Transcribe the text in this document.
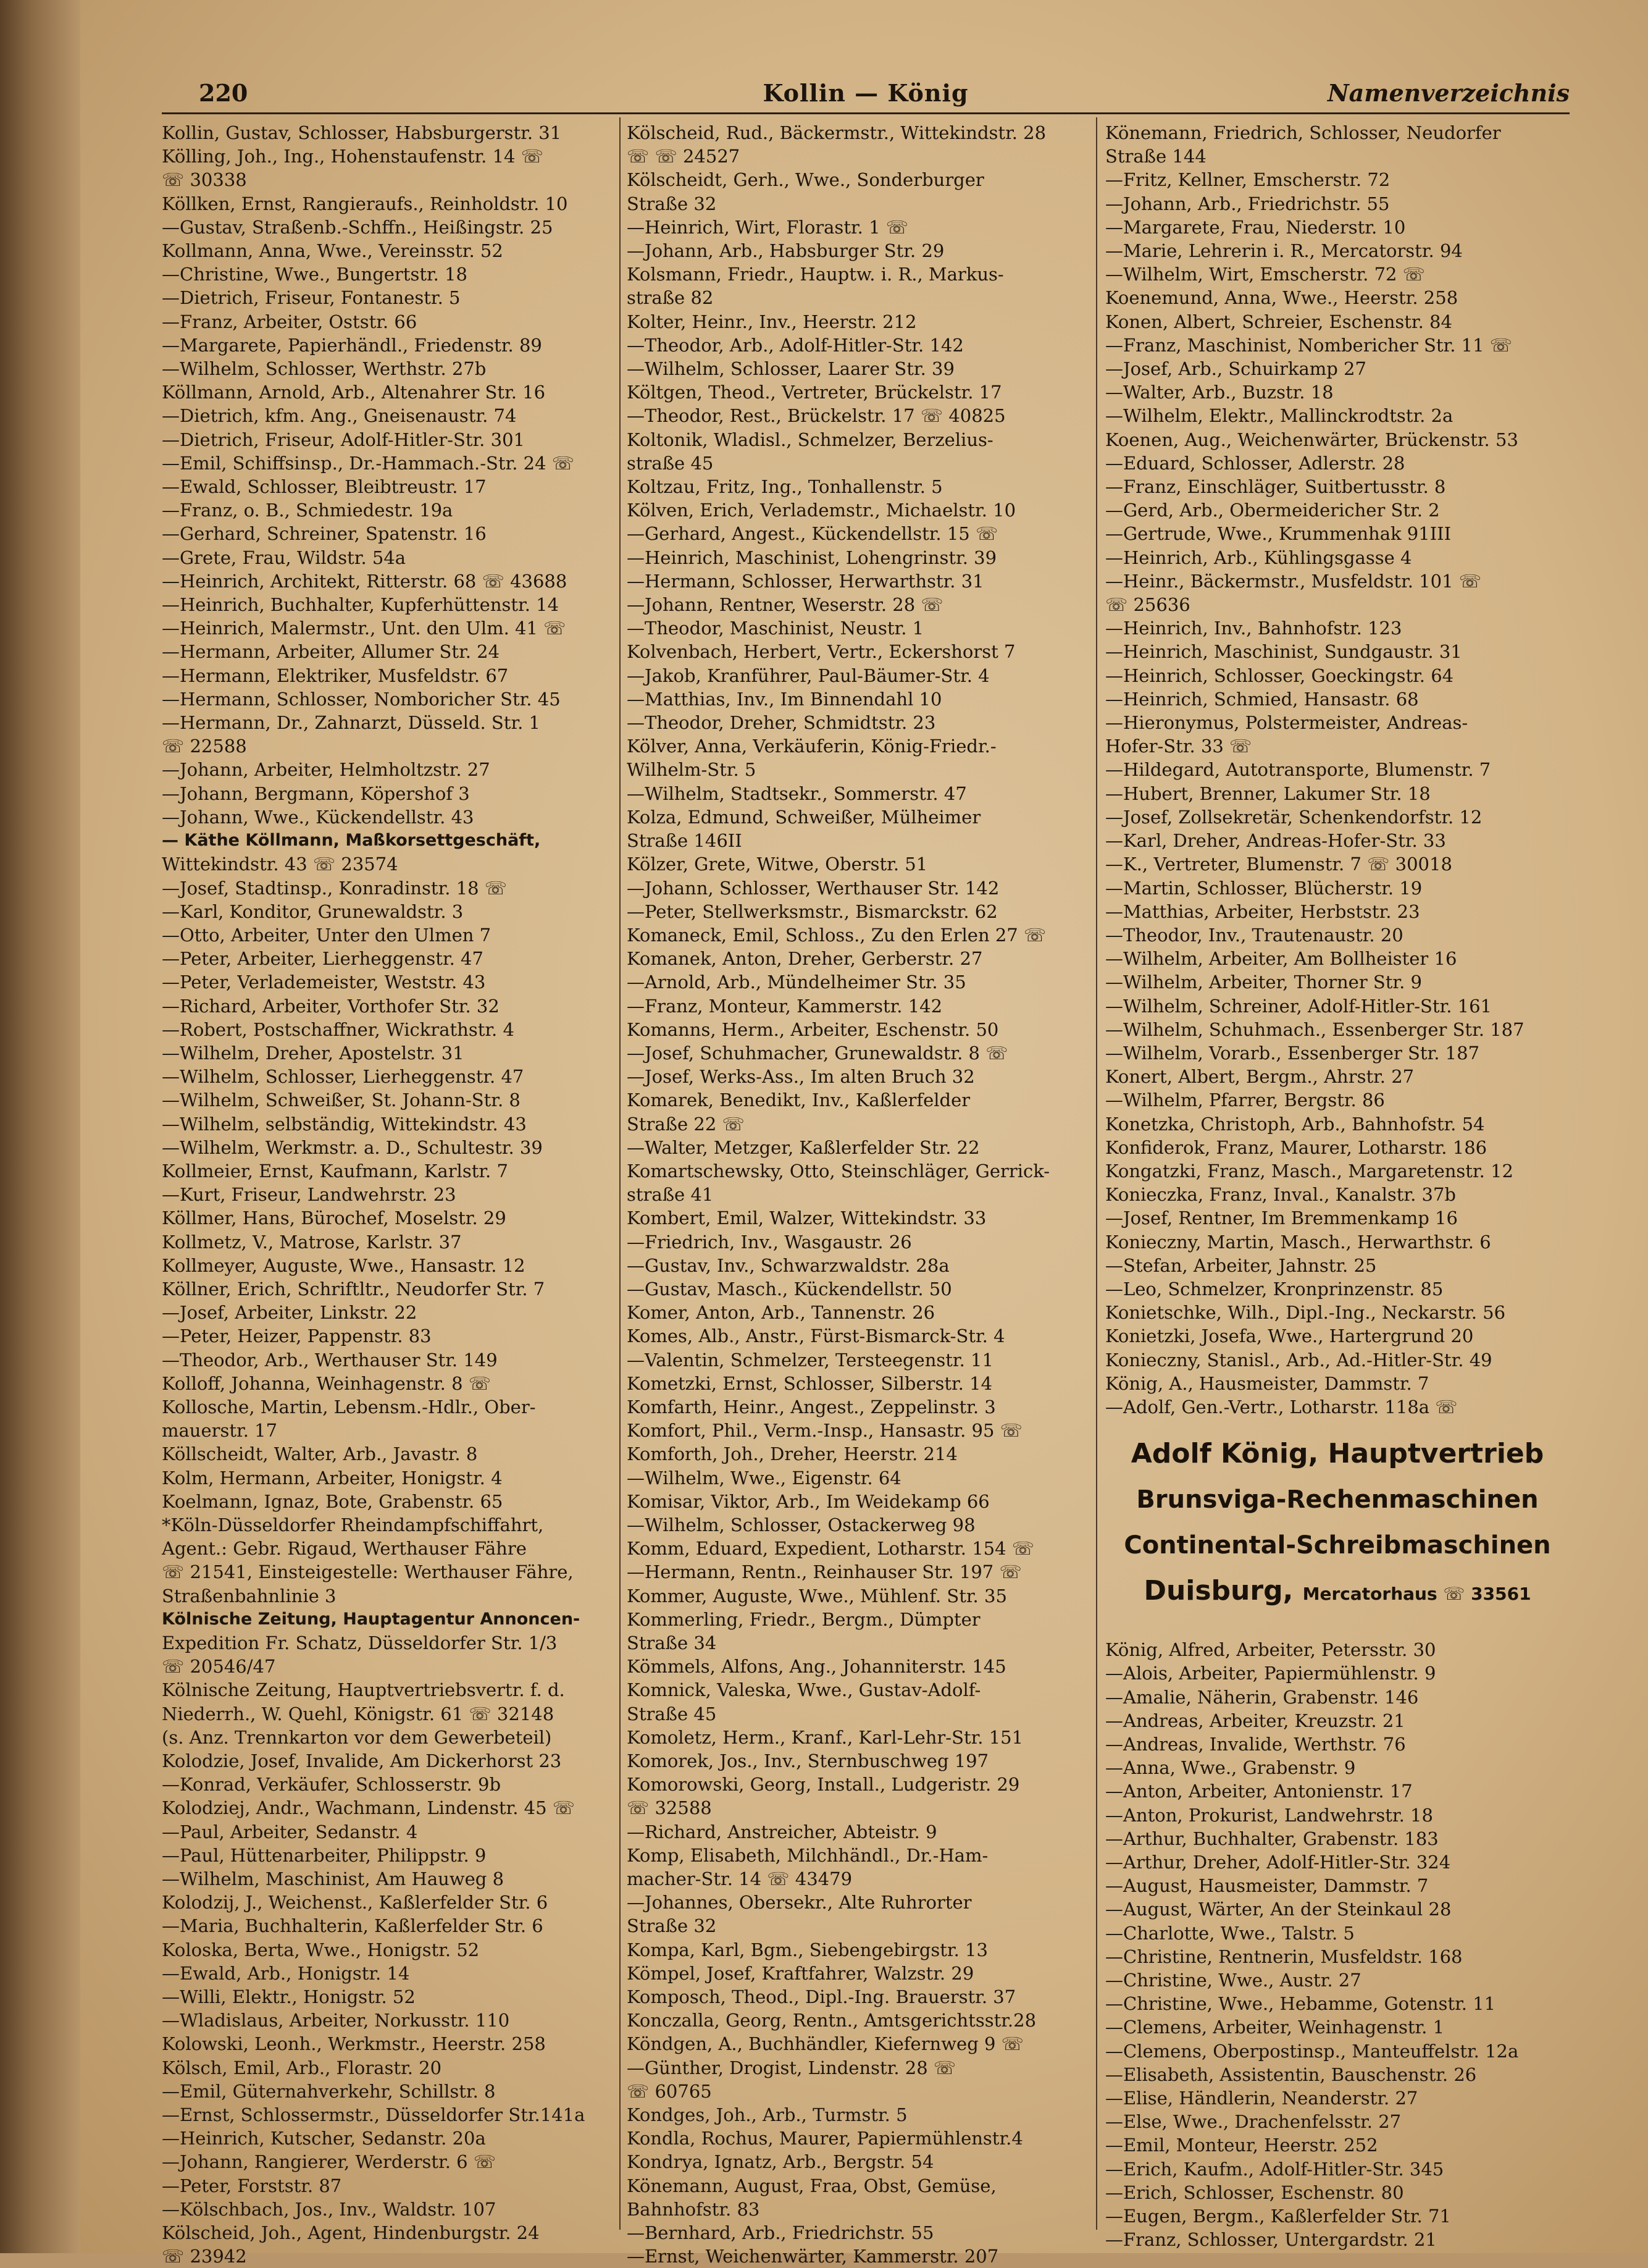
Kollin — König
220	Namenverzeichnis
Kollin, Gustav, Schlosser, Habsburgerstr. 31
Kölling, Joh., Ing., Hohenstaufenstr. 14 ☏
☏ 30338
Köllken, Ernst, Rangieraufs., Reinholdstr. 10
—Gustav, Straßenb.-Schffn., Heißingstr. 25
Kollmann, Anna, Wwe., Vereinsstr. 52
—Christine, Wwe., Bungertstr. 18
—Dietrich, Friseur, Fontanestr. 5
—Franz, Arbeiter, Oststr. 66
—Margarete, Papierhändl., Friedenstr. 89
—Wilhelm, Schlosser, Werthstr. 27b
Köllmann, Arnold, Arb., Altenahrer Str. 16
—Dietrich, kfm. Ang., Gneisenaustr. 74
—Dietrich, Friseur, Adolf-Hitler-Str. 301
—Emil, Schiffsinsp., Dr.-Hammach.-Str. 24 ☏
—Ewald, Schlosser, Bleibtreustr. 17
—Franz, o. B., Schmiedestr. 19a
—Gerhard, Schreiner, Spatenstr. 16
—Grete, Frau, Wildstr. 54a
—Heinrich, Architekt, Ritterstr. 68 ☏ 43688
—Heinrich, Buchhalter, Kupferhüttenstr. 14
—Heinrich, Malermstr., Unt. den Ulm. 41 ☏
—Hermann, Arbeiter, Allumer Str. 24
—Hermann, Elektriker, Musfeldstr. 67
—Hermann, Schlosser, Nomboricher Str. 45
—Hermann, Dr., Zahnarzt, Düsseld. Str. 1
☏ 22588
—Johann, Arbeiter, Helmholtzstr. 27
—Johann, Bergmann, Köpershof 3
—Johann, Wwe., Kückendellstr. 43
— Käthe Köllmann, Maßkorsettgeschäft,
Wittekindstr. 43 ☏ 23574
—Josef, Stadtinsp., Konradinstr. 18 ☏
—Karl, Konditor, Grunewaldstr. 3
—Otto, Arbeiter, Unter den Ulmen 7
—Peter, Arbeiter, Lierheggenstr. 47
—Peter, Verlademeister, Weststr. 43
—Richard, Arbeiter, Vorthofer Str. 32
—Robert, Postschaffner, Wickrathstr. 4
—Wilhelm, Dreher, Apostelstr. 31
—Wilhelm, Schlosser, Lierheggenstr. 47
—Wilhelm, Schweißer, St. Johann-Str. 8
—Wilhelm, selbständig, Wittekindstr. 43
—Wilhelm, Werkmstr. a. D., Schultestr. 39
Kollmeier, Ernst, Kaufmann, Karlstr. 7
—Kurt, Friseur, Landwehrstr. 23
Köllmer, Hans, Bürochef, Moselstr. 29
Kollmetz, V., Matrose, Karlstr. 37
Kollmeyer, Auguste, Wwe., Hansastr. 12
Köllner, Erich, Schriftltr., Neudorfer Str. 7
—Josef, Arbeiter, Linkstr. 22
—Peter, Heizer, Pappenstr. 83
—Theodor, Arb., Werthauser Str. 149
Kolloff, Johanna, Weinhagenstr. 8 ☏
Kollosche, Martin, Lebensm.-Hdlr., Ober-
mauerstr. 17
Köllscheidt, Walter, Arb., Javastr. 8
Kolm, Hermann, Arbeiter, Honigstr. 4
Koelmann, Ignaz, Bote, Grabenstr. 65
*Köln-Düsseldorfer Rheindampfschiffahrt,
Agent.: Gebr. Rigaud, Werthauser Fähre
☏ 21541, Einsteigestelle: Werthauser Fähre,
Straßenbahnlinie 3
Kölnische Zeitung, Hauptagentur Annoncen-
Expedition Fr. Schatz, Düsseldorfer Str. 1/3
☏ 20546/47
Kölnische Zeitung, Hauptvertriebsvertr. f. d.
Niederrh., W. Quehl, Königstr. 61 ☏ 32148
(s. Anz. Trennkarton vor dem Gewerbeteil)
Kolodzie, Josef, Invalide, Am Dickerhorst 23
—Konrad, Verkäufer, Schlosserstr. 9b
Kolodziej, Andr., Wachmann, Lindenstr. 45 ☏
—Paul, Arbeiter, Sedanstr. 4
—Paul, Hüttenarbeiter, Philippstr. 9
—Wilhelm, Maschinist, Am Hauweg 8
Kolodzij, J., Weichenst., Kaßlerfelder Str. 6
—Maria, Buchhalterin, Kaßlerfelder Str. 6
Koloska, Berta, Wwe., Honigstr. 52
—Ewald, Arb., Honigstr. 14
—Willi, Elektr., Honigstr. 52
—Wladislaus, Arbeiter, Norkusstr. 110
Kolowski, Leonh., Werkmstr., Heerstr. 258
Kölsch, Emil, Arb., Florastr. 20
—Emil, Güternahverkehr, Schillstr. 8
—Ernst, Schlossermstr., Düsseldorfer Str.141a
—Heinrich, Kutscher, Sedanstr. 20a
—Johann, Rangierer, Werderstr. 6 ☏
—Peter, Forststr. 87
—Kölschbach, Jos., Inv., Waldstr. 107
Kölscheid, Joh., Agent, Hindenburgstr. 24
☏ 23942
Kölscheid, Rud., Bäckermstr., Wittekindstr. 28
☏ ☏ 24527
Kölscheidt, Gerh., Wwe., Sonderburger
Straße 32
—Heinrich, Wirt, Florastr. 1 ☏
—Johann, Arb., Habsburger Str. 29
Kolsmann, Friedr., Hauptw. i. R., Markus-
straße 82
Kolter, Heinr., Inv., Heerstr. 212
—Theodor, Arb., Adolf-Hitler-Str. 142
—Wilhelm, Schlosser, Laarer Str. 39
Költgen, Theod., Vertreter, Brückelstr. 17
—Theodor, Rest., Brückelstr. 17 ☏ 40825
Koltonik, Wladisl., Schmelzer, Berzelius-
straße 45
Koltzau, Fritz, Ing., Tonhallenstr. 5
Kölven, Erich, Verlademstr., Michaelstr. 10
—Gerhard, Angest., Kückendellstr. 15 ☏
—Heinrich, Maschinist, Lohengrinstr. 39
—Hermann, Schlosser, Herwarthstr. 31
—Johann, Rentner, Weserstr. 28 ☏
—Theodor, Maschinist, Neustr. 1
Kolvenbach, Herbert, Vertr., Eckershorst 7
—Jakob, Kranführer, Paul-Bäumer-Str. 4
—Matthias, Inv., Im Binnendahl 10
—Theodor, Dreher, Schmidtstr. 23
Kölver, Anna, Verkäuferin, König-Friedr.-
Wilhelm-Str. 5
—Wilhelm, Stadtsekr., Sommerstr. 47
Kolza, Edmund, Schweißer, Mülheimer
Straße 146II
Kölzer, Grete, Witwe, Oberstr. 51
—Johann, Schlosser, Werthauser Str. 142
—Peter, Stellwerksmstr., Bismarckstr. 62
Komaneck, Emil, Schloss., Zu den Erlen 27 ☏
Komanek, Anton, Dreher, Gerberstr. 27
—Arnold, Arb., Mündelheimer Str. 35
—Franz, Monteur, Kammerstr. 142
Komanns, Herm., Arbeiter, Eschenstr. 50
—Josef, Schuhmacher, Grunewaldstr. 8 ☏
—Josef, Werks-Ass., Im alten Bruch 32
Komarek, Benedikt, Inv., Kaßlerfelder
Straße 22 ☏
—Walter, Metzger, Kaßlerfelder Str. 22
Komartschewsky, Otto, Steinschläger, Gerrick-
straße 41
Kombert, Emil, Walzer, Wittekindstr. 33
—Friedrich, Inv., Wasgaustr. 26
—Gustav, Inv., Schwarzwaldstr. 28a
—Gustav, Masch., Kückendellstr. 50
Komer, Anton, Arb., Tannenstr. 26
Komes, Alb., Anstr., Fürst-Bismarck-Str. 4
—Valentin, Schmelzer, Tersteegenstr. 11
Kometzki, Ernst, Schlosser, Silberstr. 14
Komfarth, Heinr., Angest., Zeppelinstr. 3
Komfort, Phil., Verm.-Insp., Hansastr. 95 ☏
Komforth, Joh., Dreher, Heerstr. 214
—Wilhelm, Wwe., Eigenstr. 64
Komisar, Viktor, Arb., Im Weidekamp 66
—Wilhelm, Schlosser, Ostackerweg 98
Komm, Eduard, Expedient, Lotharstr. 154 ☏
—Hermann, Rentn., Reinhauser Str. 197 ☏
Kommer, Auguste, Wwe., Mühlenf. Str. 35
Kommerling, Friedr., Bergm., Dümpter
Straße 34
Kömmels, Alfons, Ang., Johanniterstr. 145
Komnick, Valeska, Wwe., Gustav-Adolf-
Straße 45
Komoletz, Herm., Kranf., Karl-Lehr-Str. 151
Komorek, Jos., Inv., Sternbuschweg 197
Komorowski, Georg, Install., Ludgeristr. 29
☏ 32588
—Richard, Anstreicher, Abteistr. 9
Komp, Elisabeth, Milchhändl., Dr.-Ham-
macher-Str. 14 ☏ 43479
—Johannes, Obersekr., Alte Ruhrorter
Straße 32
Kompa, Karl, Bgm., Siebengebirgstr. 13
Kömpel, Josef, Kraftfahrer, Walzstr. 29
Komposch, Theod., Dipl.-Ing. Brauerstr. 37
Konczalla, Georg, Rentn., Amtsgerichtsstr.28
Köndgen, A., Buchhändler, Kiefernweg 9 ☏
—Günther, Drogist, Lindenstr. 28 ☏
☏ 60765
Kondges, Joh., Arb., Turmstr. 5
Kondla, Rochus, Maurer, Papiermühlenstr.4
Kondrya, Ignatz, Arb., Bergstr. 54
Könemann, August, Fraa, Obst, Gemüse,
Bahnhofstr. 83
—Bernhard, Arb., Friedrichstr. 55
—Ernst, Weichenwärter, Kammerstr. 207
Könemann, Friedrich, Schlosser, Neudorfer
Straße 144
—Fritz, Kellner, Emscherstr. 72
—Johann, Arb., Friedrichstr. 55
—Margarete, Frau, Niederstr. 10
—Marie, Lehrerin i. R., Mercatorstr. 94
—Wilhelm, Wirt, Emscherstr. 72 ☏
Koenemund, Anna, Wwe., Heerstr. 258
Konen, Albert, Schreier, Eschenstr. 84
—Franz, Maschinist, Nombericher Str. 11 ☏
—Josef, Arb., Schuirkamp 27
—Walter, Arb., Buzstr. 18
—Wilhelm, Elektr., Mallinckrodtstr. 2a
Koenen, Aug., Weichenwärter, Brückenstr. 53
—Eduard, Schlosser, Adlerstr. 28
—Franz, Einschläger, Suitbertusstr. 8
—Gerd, Arb., Obermeidericher Str. 2
—Gertrude, Wwe., Krummenhak 91III
—Heinrich, Arb., Kühlingsgasse 4
—Heinr., Bäckermstr., Musfeldstr. 101 ☏
☏ 25636
—Heinrich, Inv., Bahnhofstr. 123
—Heinrich, Maschinist, Sundgaustr. 31
—Heinrich, Schlosser, Goeckingstr. 64
—Heinrich, Schmied, Hansastr. 68
—Hieronymus, Polstermeister, Andreas-
Hofer-Str. 33 ☏
—Hildegard, Autotransporte, Blumenstr. 7
—Hubert, Brenner, Lakumer Str. 18
—Josef, Zollsekretär, Schenkendorfstr. 12
—Karl, Dreher, Andreas-Hofer-Str. 33
—K., Vertreter, Blumenstr. 7 ☏ 30018
—Martin, Schlosser, Blücherstr. 19
—Matthias, Arbeiter, Herbststr. 23
—Theodor, Inv., Trautenaustr. 20
—Wilhelm, Arbeiter, Am Bollheister 16
—Wilhelm, Arbeiter, Thorner Str. 9
—Wilhelm, Schreiner, Adolf-Hitler-Str. 161
—Wilhelm, Schuhmach., Essenberger Str. 187
—Wilhelm, Vorarb., Essenberger Str. 187
Konert, Albert, Bergm., Ahrstr. 27
—Wilhelm, Pfarrer, Bergstr. 86
Konetzka, Christoph, Arb., Bahnhofstr. 54
Konfiderok, Franz, Maurer, Lotharstr. 186
Kongatzki, Franz, Masch., Margaretenstr. 12
Konieczka, Franz, Inval., Kanalstr. 37b
—Josef, Rentner, Im Bremmenkamp 16
Konieczny, Martin, Masch., Herwarthstr. 6
—Stefan, Arbeiter, Jahnstr. 25
—Leo, Schmelzer, Kronprinzenstr. 85
Konietschke, Wilh., Dipl.-Ing., Neckarstr. 56
Konietzki, Josefa, Wwe., Hartergrund 20
Konieczny, Stanisl., Arb., Ad.-Hitler-Str. 49
König, A., Hausmeister, Dammstr. 7
—Adolf, Gen.-Vertr., Lotharstr. 118a ☏
Adolf König, Hauptvertrieb
Brunsviga-Rechenmaschinen
Continental-Schreibmaschinen
Duisburg, Mercatorhaus ☏ 33561
König, Alfred, Arbeiter, Petersstr. 30
—Alois, Arbeiter, Papiermühlenstr. 9
—Amalie, Näherin, Grabenstr. 146
—Andreas, Arbeiter, Kreuzstr. 21
—Andreas, Invalide, Werthstr. 76
—Anna, Wwe., Grabenstr. 9
—Anton, Arbeiter, Antonienstr. 17
—Anton, Prokurist, Landwehrstr. 18
—Arthur, Buchhalter, Grabenstr. 183
—Arthur, Dreher, Adolf-Hitler-Str. 324
—August, Hausmeister, Dammstr. 7
—August, Wärter, An der Steinkaul 28
—Charlotte, Wwe., Talstr. 5
—Christine, Rentnerin, Musfeldstr. 168
—Christine, Wwe., Austr. 27
—Christine, Wwe., Hebamme, Gotenstr. 11
—Clemens, Arbeiter, Weinhagenstr. 1
—Clemens, Oberpostinsp., Manteuffelstr. 12a
—Elisabeth, Assistentin, Bauschenstr. 26
—Elise, Händlerin, Neanderstr. 27
—Else, Wwe., Drachenfelsstr. 27
—Emil, Monteur, Heerstr. 252
—Erich, Kaufm., Adolf-Hitler-Str. 345
—Erich, Schlosser, Eschenstr. 80
—Eugen, Bergm., Kaßlerfelder Str. 71
—Franz, Schlosser, Untergardstr. 21
